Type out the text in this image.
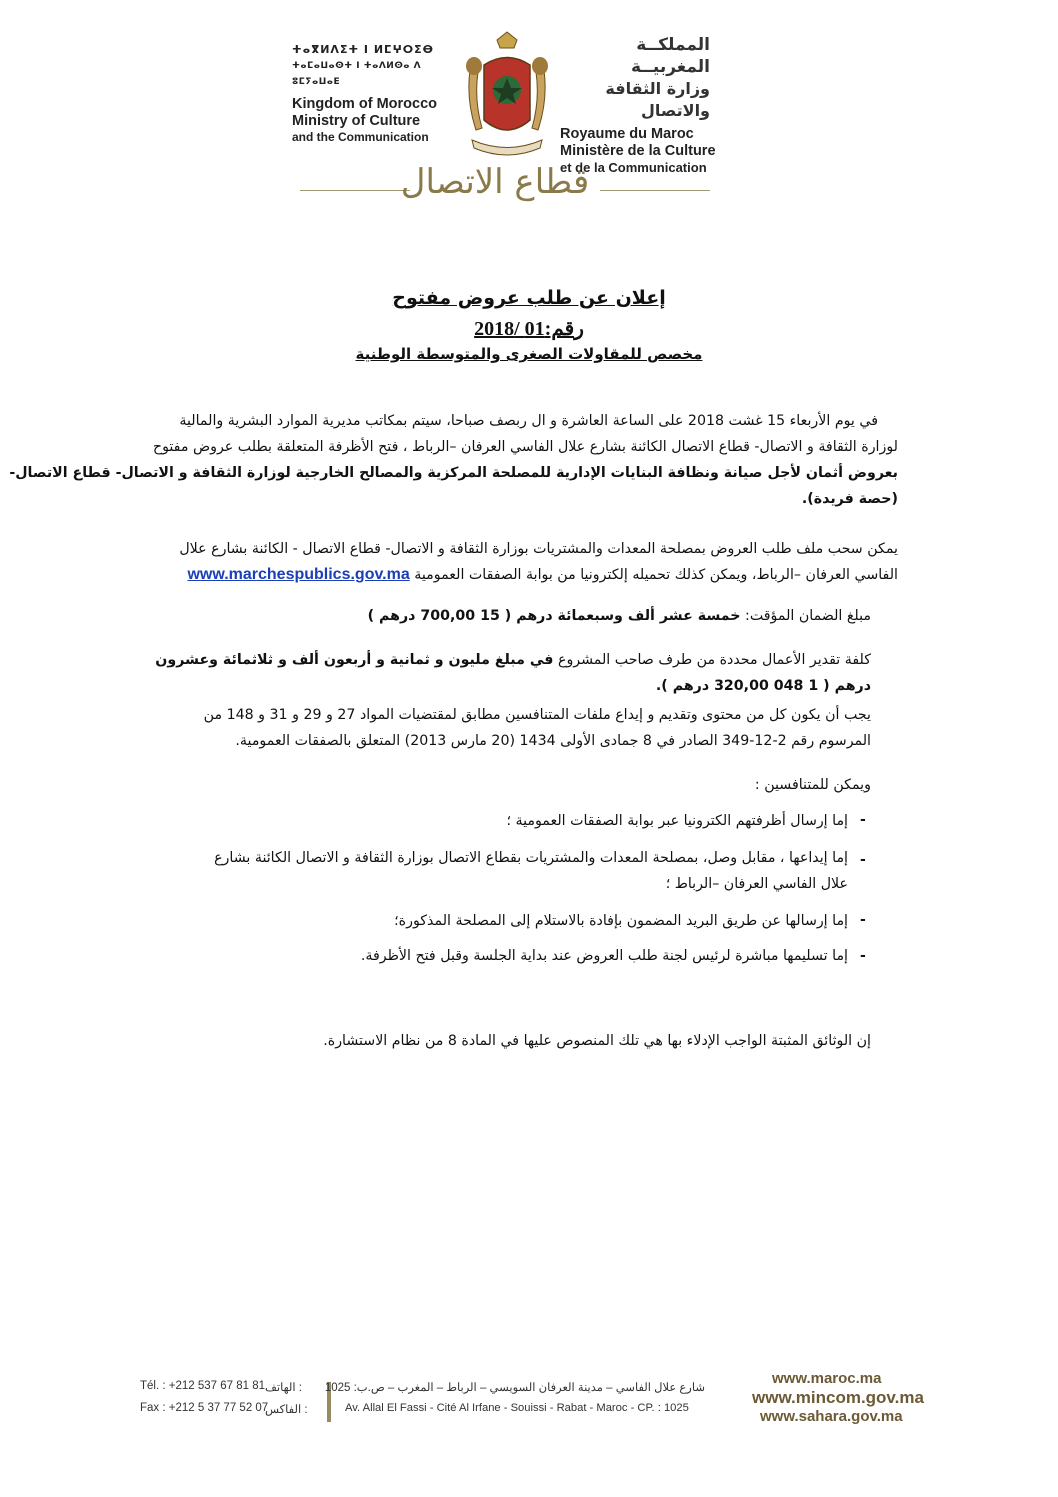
ⵜⴰⴳⵍⴷⵉⵜ ⵏ ⵍⵎⵖⵔⵉⴱ
ⵜⴰⵎⴰⵡⴰⵙⵜ ⵏ ⵜⴰⴷⵍⵙⴰ ⴷ ⵓⵎⵢⴰⵡⴰⴹ
Kingdom of Morocco
Ministry of Culture
and the Communication
المملكــة المغربيــة
وزارة الثقافة والاتصال
Royaume du Maroc
Ministère de la Culture
et de la Communication
قطاع الاتصال
إعلان عن طلب عروض مفتوح
رقم:01 /2018
مخصص للمقاولات الصغرى والمتوسطة الوطنية
في يوم الأربعاء 15 غشت 2018 على الساعة العاشرة و ال ربصف صباحا، سيتم بمكاتب مديرية الموارد البشرية والمالية
لوزارة الثقافة و الاتصال- قطاع الاتصال الكائنة بشارع علال الفاسي العرفان –الرباط ، فتح الأظرفة المتعلقة بطلب عروض مفتوح
بعروض أثمان لأجل صيانة ونظافة البنايات الإدارية للمصلحة المركزية والمصالح الخارجية لوزارة الثقافة و الاتصال- قطاع الاتصال-
(حصة فريدة).
يمكن سحب ملف طلب العروض بمصلحة المعدات والمشتريات بوزارة الثقافة و الاتصال- قطاع الاتصال - الكائنة بشارع علال
الفاسي العرفان –الرباط، ويمكن كذلك تحميله إلكترونيا من بوابة الصفقات العمومية www.marchespublics.gov.ma
مبلغ الضمان المؤقت: خمسة عشر ألف وسبعمائة درهم ( 15 700,00 درهم )
كلفة تقدير الأعمال محددة من طرف صاحب المشروع في مبلغ مليون و ثمانية و أربعون ألف و ثلاثمائة وعشرون
درهم ( 1 048 320,00 درهم ).
يجب أن يكون كل من محتوى وتقديم و إيداع ملفات المتنافسين مطابق لمقتضيات المواد 27 و 29 و 31 و 148 من
المرسوم رقم 2-12-349 الصادر في 8 جمادى الأولى 1434 (20 مارس 2013) المتعلق بالصفقات العمومية.
ويمكن للمتنافسين :
-
إما إرسال أظرفتهم الكترونيا عبر بوابة الصفقات العمومية ؛
-
إما إيداعها ، مقابل وصل، بمصلحة المعدات والمشتريات بقطاع الاتصال بوزارة الثقافة و الاتصال الكائنة بشارع
علال الفاسي العرفان –الرباط ؛
-
إما إرسالها عن طريق البريد المضمون بإفادة بالاستلام إلى المصلحة المذكورة؛
-
إما تسليمها مباشرة لرئيس لجنة طلب العروض عند بداية الجلسة وقبل فتح الأظرفة.
إن الوثائق المثبتة الواجب الإدلاء بها هي تلك المنصوص عليها في المادة 8 من نظام الاستشارة.
Tél. : +212 537 67 81 81 : الهاتف
Fax : +212 5 37 77 52 07
: الفاكس
شارع علال الفاسي – مدينة العرفان السويسي – الرباط – المغرب – ص.ب: 1025
Av. Allal El Fassi - Cité Al Irfane - Souissi - Rabat - Maroc - CP. : 1025
www.maroc.ma
www.mincom.gov.ma
www.sahara.gov.ma
